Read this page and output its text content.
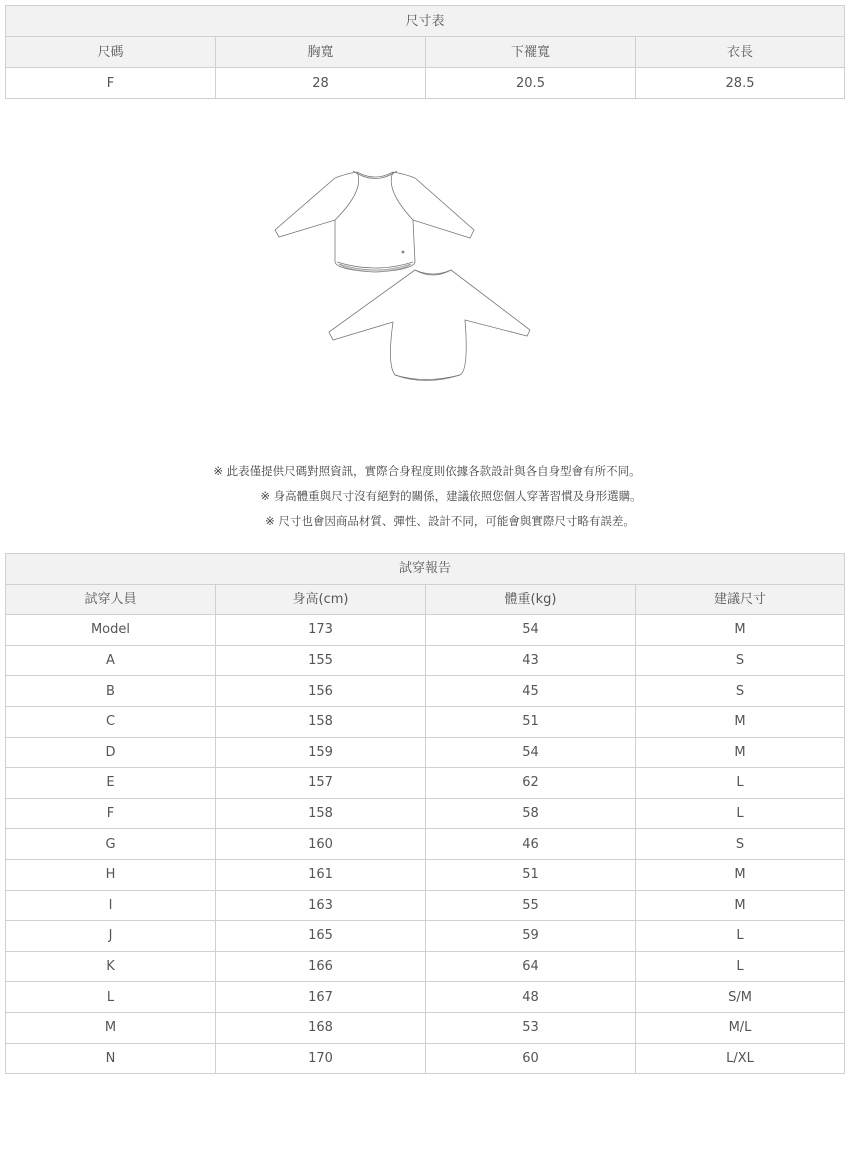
尺寸表			
尺碼	胸寬	下襬寬	衣長
F	28	20.5	28.5
※ 此表僅提供尺碼對照資訊，實際合身程度則依據各款設計與各自身型會有所不同。
※ 身高體重與尺寸沒有絕對的關係，建議依照您個人穿著習慣及身形選購。
※ 尺寸也會因商品材質、彈性、設計不同，可能會與實際尺寸略有誤差。
試穿報告			
試穿人員	身高(cm)	體重(kg)	建議尺寸
Model	173	54	M
A	155	43	S
B	156	45	S
C	158	51	M
D	159	54	M
E	157	62	L
F	158	58	L
G	160	46	S
H	161	51	M
I	163	55	M
J	165	59	L
K	166	64	L
L	167	48	S/M
M	168	53	M/L
N	170	60	L/XL
